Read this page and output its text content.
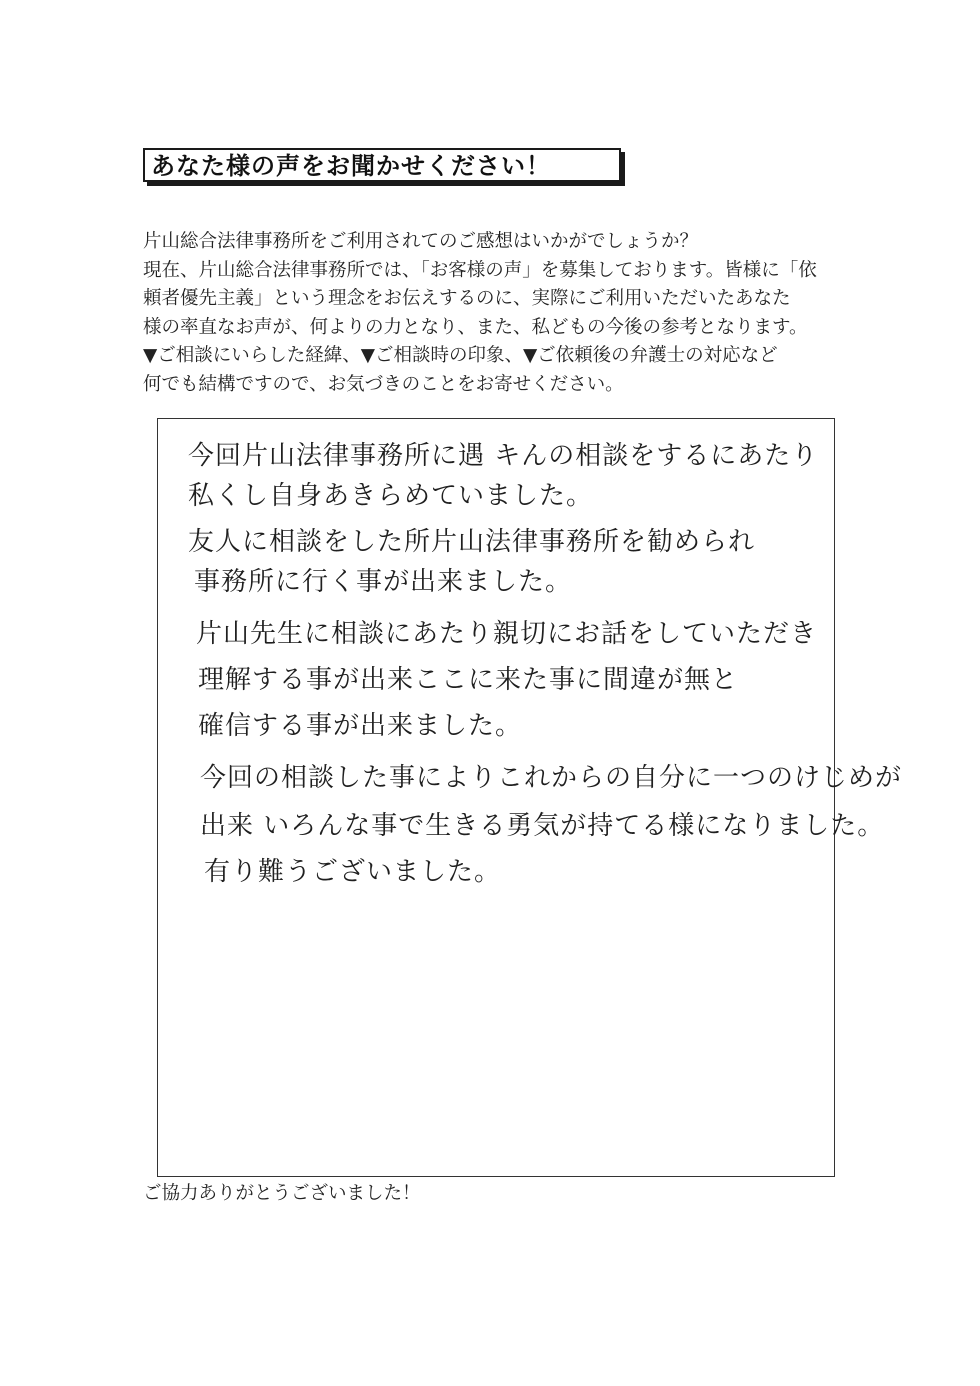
あなた様の声をお聞かせください！
片山総合法律事務所をご利用されてのご感想はいかがでしょうか？
現在、片山総合法律事務所では、「お客様の声」を募集しております。皆様に「依
頼者優先主義」という理念をお伝えするのに、実際にご利用いただいたあなた
様の率直なお声が、何よりの力となり、また、私どもの今後の参考となります。
▼ご相談にいらした経緯、▼ご相談時の印象、▼ご依頼後の弁護士の対応など
何でも結構ですので、お気づきのことをお寄せください。
今回片山法律事務所に遇 キんの相談をするにあたり
私くし自身あきらめていました。
友人に相談をした所片山法律事務所を勧められ
事務所に行く事が出来ました。
片山先生に相談にあたり親切にお話をしていただき
理解する事が出来ここに来た事に間違が無と
確信する事が出来ました。
今回の相談した事によりこれからの自分に一つのけじめが
出来 いろんな事で生きる勇気が持てる様になりました。
有り難うございました。
ご協力ありがとうございました！
